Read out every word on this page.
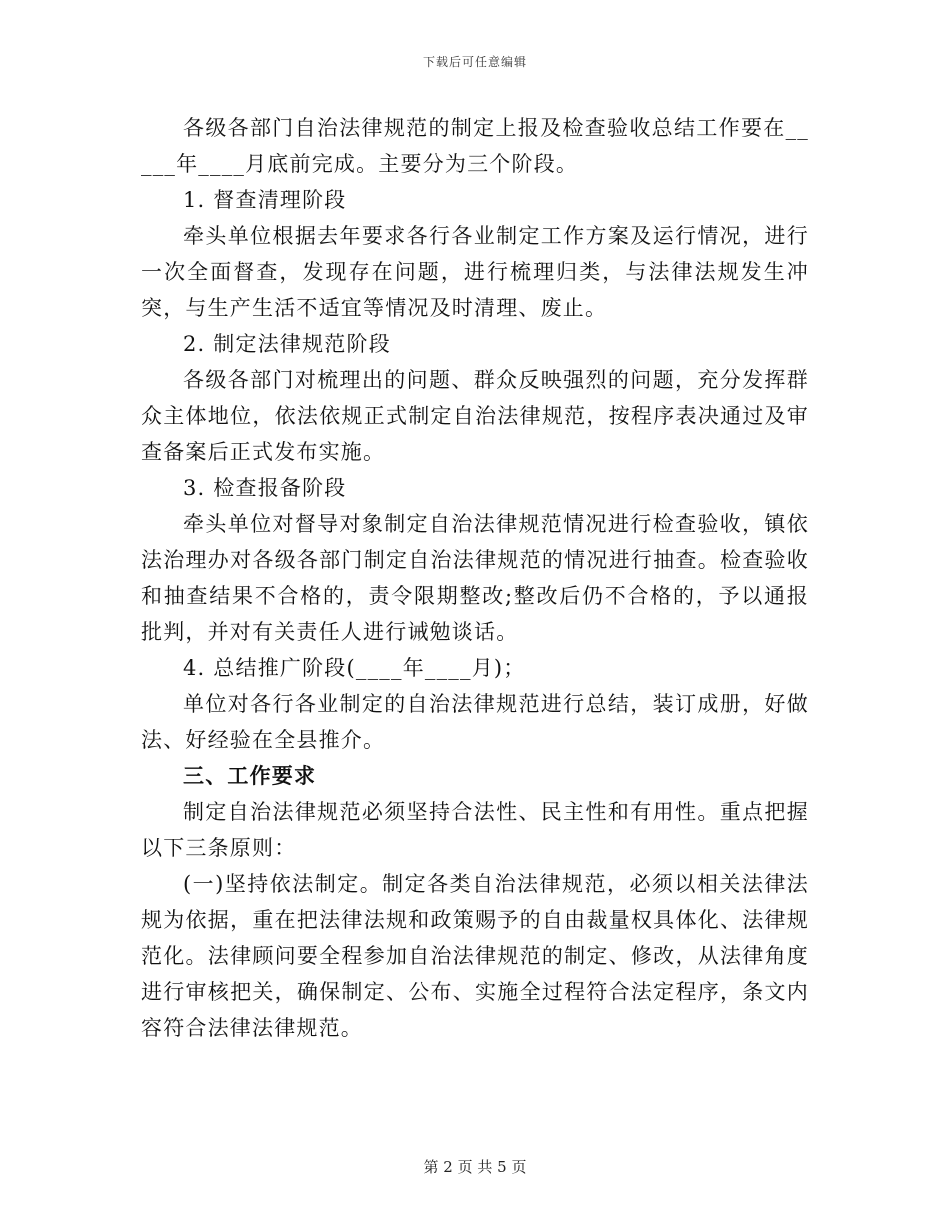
下载后可任意编辑

各级各部门自治法律规范的制定上报及检查验收总结工作要在_____年____月底前完成。主要分为三个阶段。

1. 督查清理阶段

牵头单位根据去年要求各行各业制定工作方案及运行情况，进行一次全面督查，发现存在问题，进行梳理归类，与法律法规发生冲突，与生产生活不适宜等情况及时清理、废止。

2. 制定法律规范阶段

各级各部门对梳理出的问题、群众反映强烈的问题，充分发挥群众主体地位，依法依规正式制定自治法律规范，按程序表决通过及审查备案后正式发布实施。

3. 检查报备阶段

牵头单位对督导对象制定自治法律规范情况进行检查验收，镇依法治理办对各级各部门制定自治法律规范的情况进行抽查。检查验收和抽查结果不合格的，责令限期整改;整改后仍不合格的，予以通报批判，并对有关责任人进行诫勉谈话。

4. 总结推广阶段(____年____月)；

单位对各行各业制定的自治法律规范进行总结，装订成册，好做法、好经验在全县推介。

三、工作要求

制定自治法律规范必须坚持合法性、民主性和有用性。重点把握以下三条原则：

(一)坚持依法制定。制定各类自治法律规范，必须以相关法律法规为依据，重在把法律法规和政策赐予的自由裁量权具体化、法律规范化。法律顾问要全程参加自治法律规范的制定、修改，从法律角度进行审核把关，确保制定、公布、实施全过程符合法定程序，条文内容符合法律法律规范。

第 2 页 共 5 页
